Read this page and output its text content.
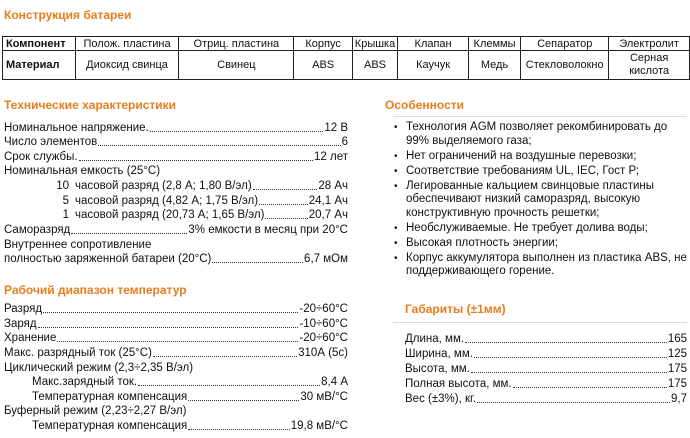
Конструкция батареи
Компонент	Полож. пластина	Отриц. пластина	Корпус	Крышка	Клапан	Клеммы	Сепаратор	Электролит
Материал	Диоксид свинца	Свинец	ABS	ABS	Каучук	Медь	Стекловолокно	Серная кислота
Технические характеристики
Номинальное напряжение.	12 В
Число элементов	6
Срок службы.	12 лет
Номинальная емкость (25°C)
10 часовой разряд (2,8 А; 1,80 В/эл)	28 Ач
5 часовой разряд (4,82 А; 1,75 В/эл)	24,1 Ач
1 часовой разряд (20,73 А; 1,65 В/эл)	20,7 Ач
Саморазряд	3% емкости в месяц при 20°C
Внутреннее сопротивление
полностью заряженной батареи (20°C)	6,7 мОм
Рабочий диапазон температур
Разряд	-20÷60°C
Заряд	-10÷60°C
Хранение	-20÷60°C
Макс. разрядный ток (25°C)	310А (5с)
Циклический режим (2,3÷2,35 В/эл)
Макс.зарядный ток.	8,4 А
Температурная компенсация	30 мВ/°C
Буферный режим (2,23÷2,27 В/эл)
Температурная компенсация	19,8 мВ/°C
Особенности
• Технология AGM позволяет рекомбинировать до 99% выделяемого газа;
• Нет ограничений на воздушные перевозки;
• Соответствие требованиям UL, IEC, Гост Р;
• Легированные кальцием свинцовые пластины обеспечивают низкий саморазряд, высокую конструктивную прочность решетки;
• Необслуживаемые. Не требует долива воды;
• Высокая плотность энергии;
• Корпус аккумулятора выполнен из пластика ABS, не поддерживающего горение.
Габариты (±1мм)
Длина, мм.	165
Ширина, мм.	125
Высота, мм.	175
Полная высота, мм.	175
Вес (±3%), кг.	9,7
